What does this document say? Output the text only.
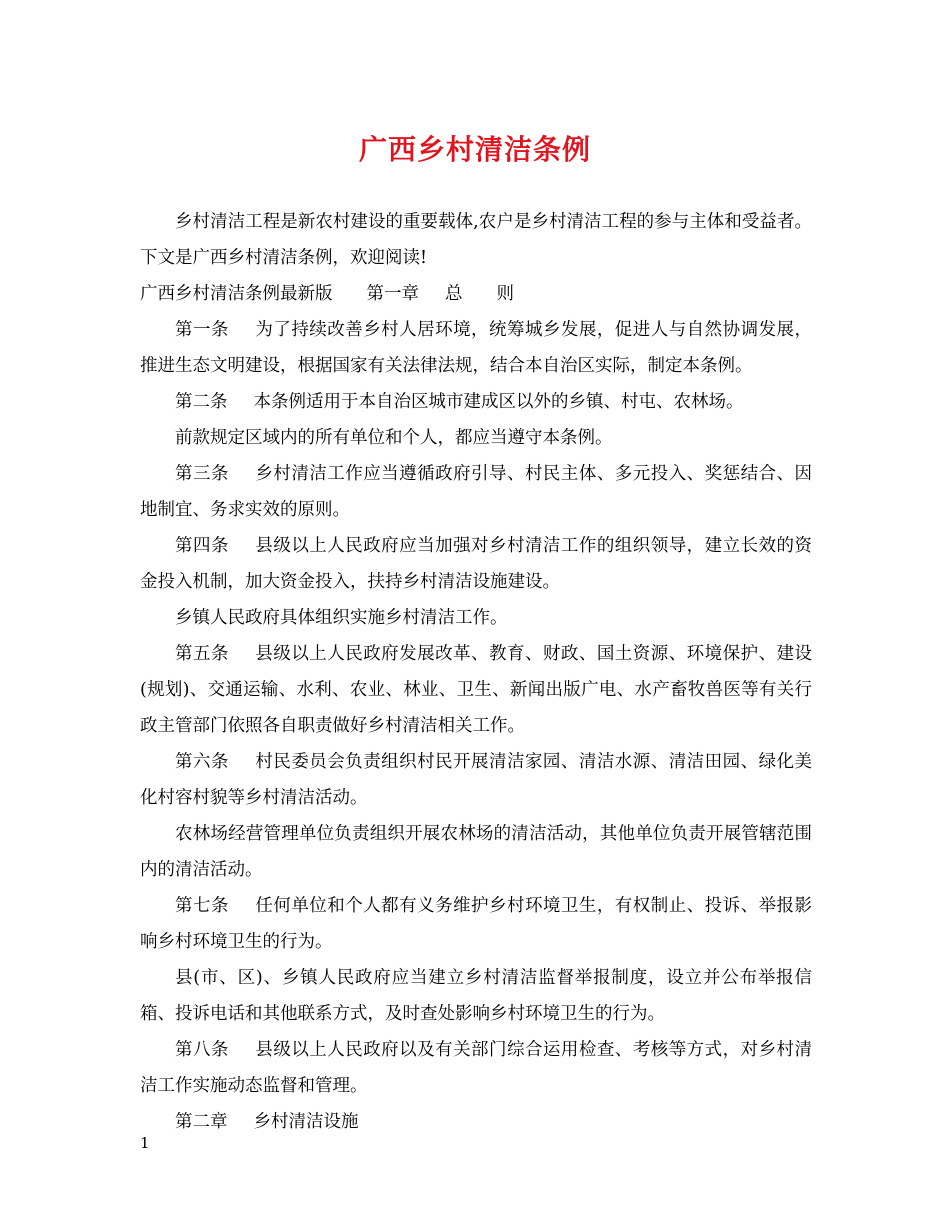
广西乡村清洁条例

乡村清洁工程是新农村建设的重要载体,农户是乡村清洁工程的参与主体和受益者。下文是广西乡村清洁条例，欢迎阅读!

广西乡村清洁条例最新版 第一章 总 则

第一条 为了持续改善乡村人居环境，统筹城乡发展，促进人与自然协调发展，推进生态文明建设，根据国家有关法律法规，结合本自治区实际，制定本条例。

第二条 本条例适用于本自治区城市建成区以外的乡镇、村屯、农林场。

前款规定区域内的所有单位和个人，都应当遵守本条例。

第三条 乡村清洁工作应当遵循政府引导、村民主体、多元投入、奖惩结合、因地制宜、务求实效的原则。

第四条 县级以上人民政府应当加强对乡村清洁工作的组织领导，建立长效的资金投入机制，加大资金投入，扶持乡村清洁设施建设。

乡镇人民政府具体组织实施乡村清洁工作。

第五条 县级以上人民政府发展改革、教育、财政、国土资源、环境保护、建设(规划)、交通运输、水利、农业、林业、卫生、新闻出版广电、水产畜牧兽医等有关行政主管部门依照各自职责做好乡村清洁相关工作。

第六条 村民委员会负责组织村民开展清洁家园、清洁水源、清洁田园、绿化美化村容村貌等乡村清洁活动。

农林场经营管理单位负责组织开展农林场的清洁活动，其他单位负责开展管辖范围内的清洁活动。

第七条 任何单位和个人都有义务维护乡村环境卫生，有权制止、投诉、举报影响乡村环境卫生的行为。

县(市、区)、乡镇人民政府应当建立乡村清洁监督举报制度，设立并公布举报信箱、投诉电话和其他联系方式，及时查处影响乡村环境卫生的行为。

第八条 县级以上人民政府以及有关部门综合运用检查、考核等方式，对乡村清洁工作实施动态监督和管理。

第二章 乡村清洁设施

1
